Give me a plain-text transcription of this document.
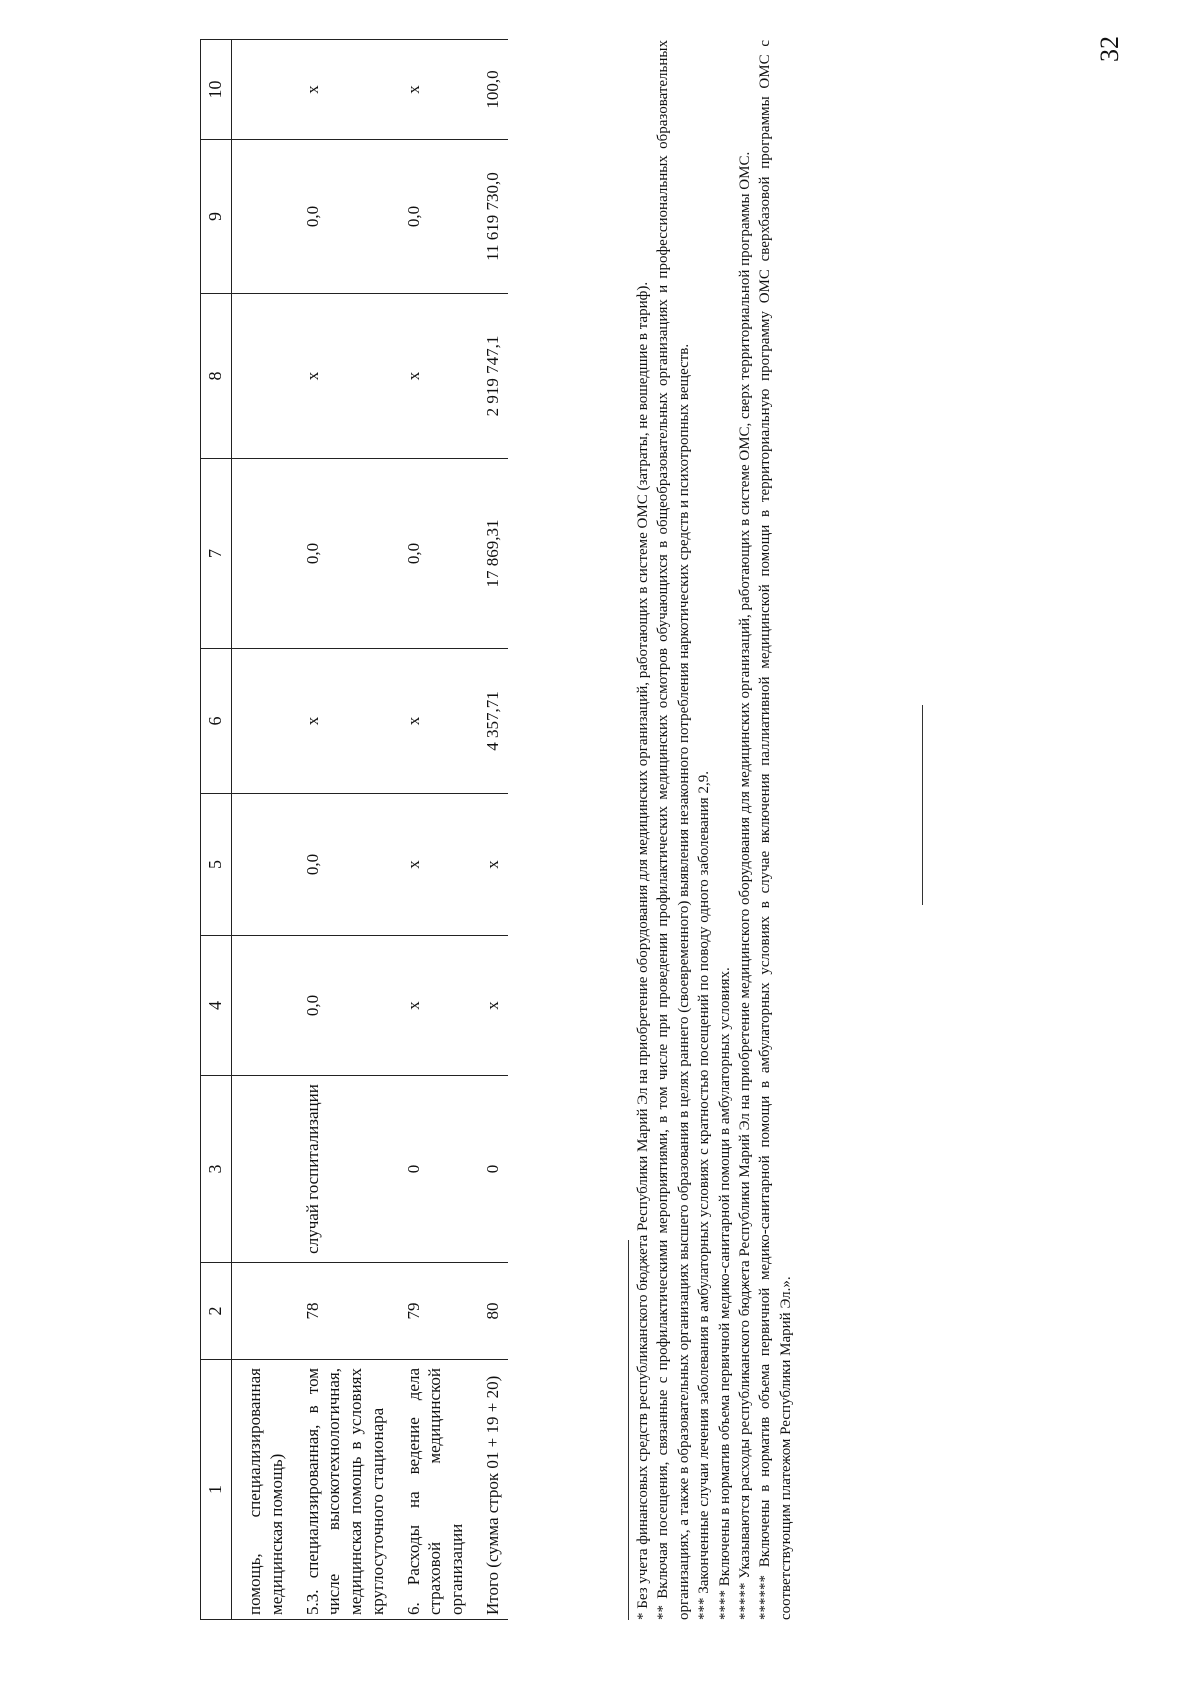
32
1	2	3	4	5	6	7	8	9	10
помощь, специализированная медицинская помощь)									
5.3. специализированная, в том числе высокотехнологичная, медицинская помощь в условиях круглосуточного стационара	78	случай госпитализации	0,0	0,0	x	0,0	x	0,0	x
6. Расходы на ведение дела страховой медицинской организации	79	0	x	x	x	0,0	x	0,0	x
Итого (сумма строк 01 + 19 + 20)	80	0	x	x	4 357,71	17 869,31	2 919 747,1	11 619 730,0	100,0

* Без учета финансовых средств республиканского бюджета Республики Марий Эл на приобретение оборудования для медицинских организаций, работающих в системе ОМС (затраты, не вошедшие в тариф). ** Включая посещения, связанные с профилактическими мероприятиями, в том числе при проведении профилактических медицинских осмотров обучающихся в общеобразовательных организациях и профессиональных образовательных организациях, а также в образовательных организациях высшего образования в целях раннего (своевременного) выявления незаконного потребления наркотических средств и психотропных веществ. *** Законченные случаи лечения заболевания в амбулаторных условиях с кратностью посещений по поводу одного заболевания 2,9. **** Включены в норматив объема первичной медико-санитарной помощи в амбулаторных условиях. ***** Указываются расходы республиканского бюджета Республики Марий Эл на приобретение медицинского оборудования для медицинских организаций, работающих в системе ОМС, сверх территориальной программы ОМС. ****** Включены в норматив объема первичной медико-санитарной помощи в амбулаторных условиях в случае включения паллиативной медицинской помощи в территориальную программу ОМС сверхбазовой программы ОМС с соответствующим платежом Республики Марий Эл.».
